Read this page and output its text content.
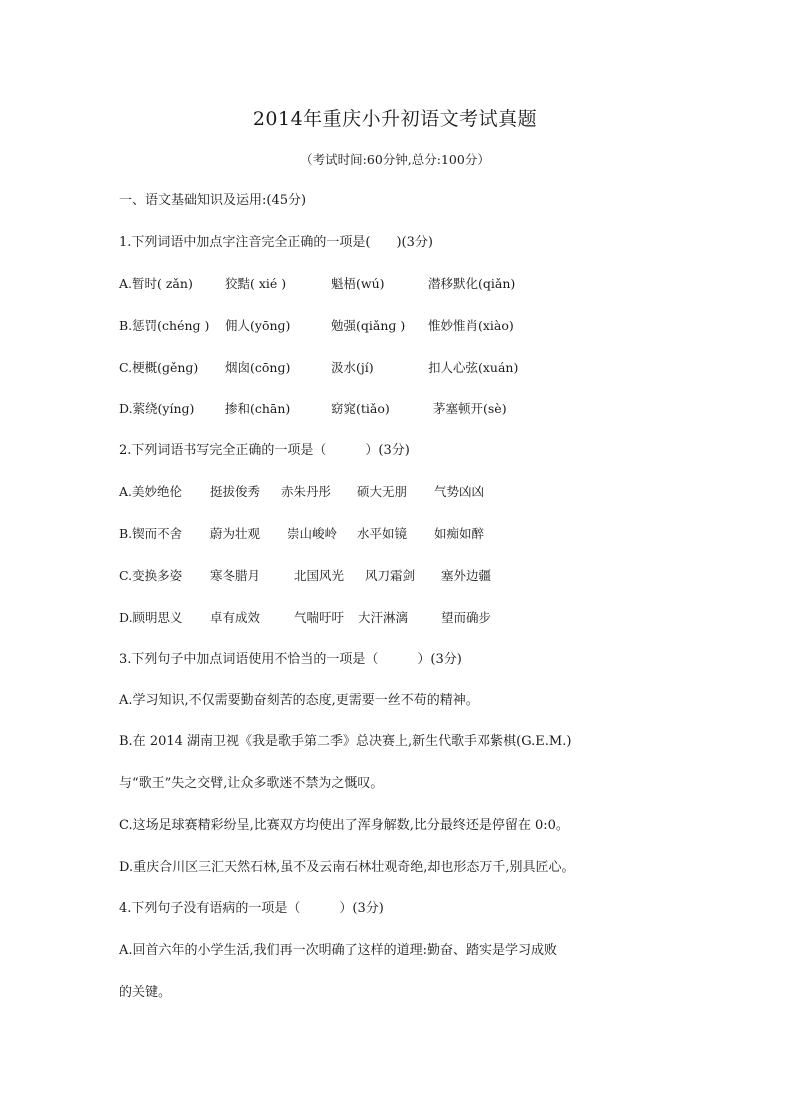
2014年重庆小升初语文考试真题
（考试时间:60分钟,总分:100分）
一、语文基础知识及运用:(45分)
1.下列词语中加点字注音完全正确的一项是(　　)(3分)
A.暂时( zǎn)	狡黠( xié )	魁梧(wú)	潜移默化(qiǎn)
B.惩罚(chénɡ ) 佣人(yōnɡ)	勉强(qiǎnɡ ) 惟妙惟肖(xiào)
C.梗概(ɡěnɡ) 烟囱(cōnɡ)	汲水(jí)	扣人心弦(xuán)
D.萦绕(yínɡ) 掺和(chān)	窈窕(tiǎo)	茅塞顿开(sè)
2.下列词语书写完全正确的一项是（　　　）(3分)
A.美妙绝伦 挺拔俊秀 赤朱丹彤 硕大无朋 气势凶凶
B.锲而不舍 蔚为壮观 崇山峻岭 水平如镜 如痴如醉
C.变换多姿 寒冬腊月	北国风光 风刀霜剑 塞外边疆
D.顾明思义 卓有成效	气喘吁吁 大汗淋漓	望而确步
3.下列句子中加点词语使用不恰当的一项是（　　　）(3分)
A.学习知识,不仅需要勤奋刻苦的态度,更需要一丝不苟的精神。
B.在 2014 湖南卫视《我是歌手第二季》总决赛上,新生代歌手邓紫棋(G.E.M.)
与“歌王”失之交臂,让众多歌迷不禁为之慨叹。
C.这场足球赛精彩纷呈,比赛双方均使出了浑身解数,比分最终还是停留在 0:0。
D.重庆合川区三汇天然石林,虽不及云南石林壮观奇绝,却也形态万千,别具匠心。
4.下列句子没有语病的一项是（　　　）(3分)
A.回首六年的小学生活,我们再一次明确了这样的道理:勤奋、踏实是学习成败
的关键。
